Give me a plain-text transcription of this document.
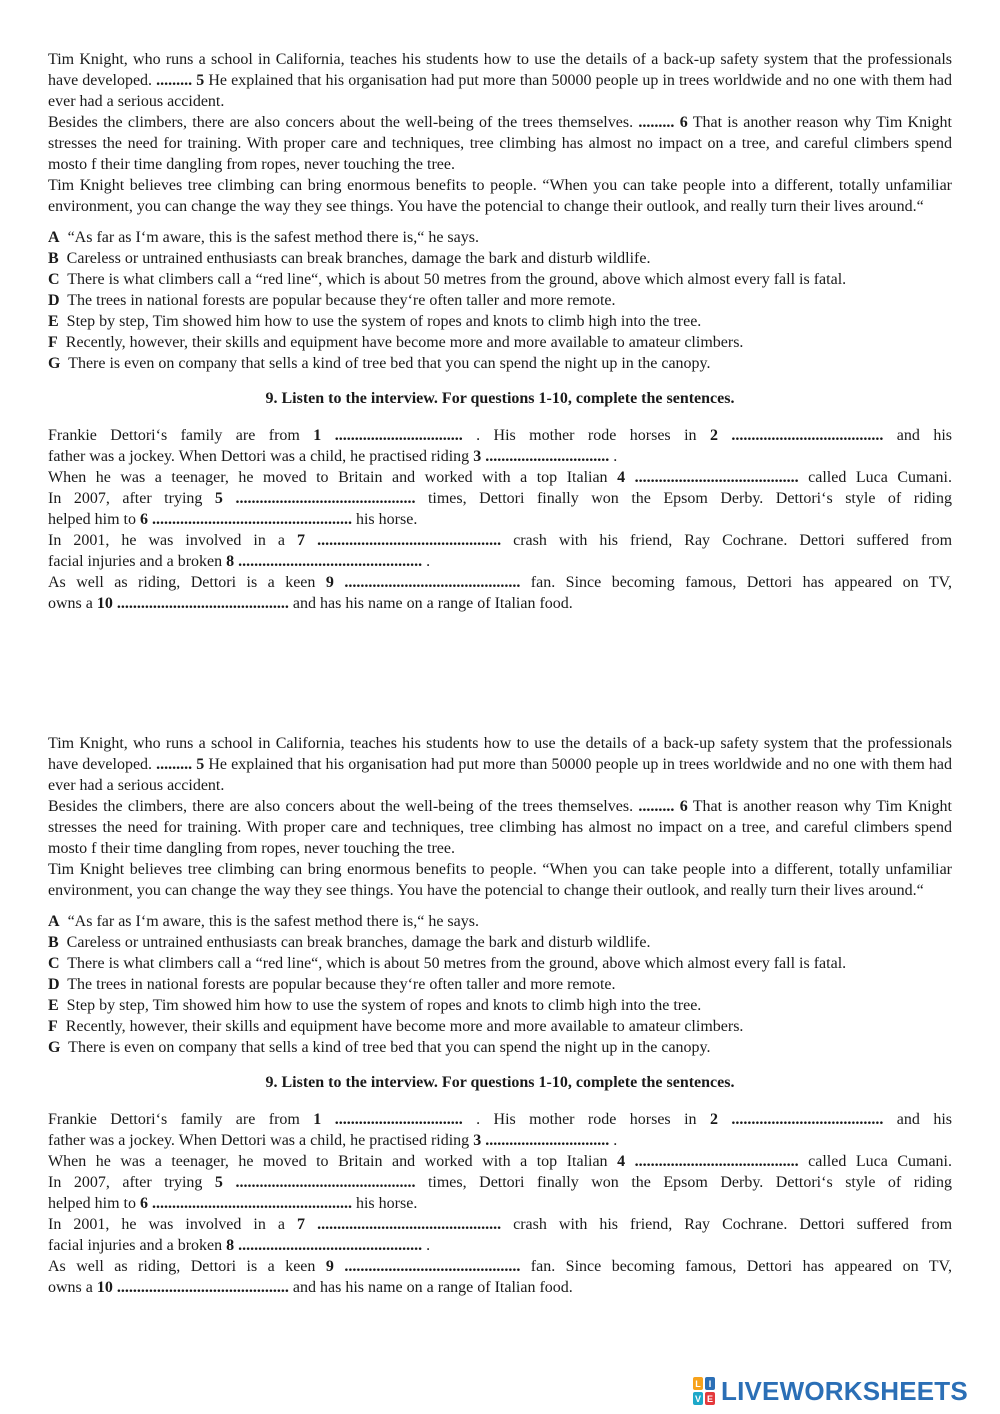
Tim Knight, who runs a school in California, teaches his students how to use the details of a back-up safety system that the professionals have developed. ......... 5 He explained that his organisation had put more than 50000 people up in trees worldwide and no one with them had ever had a serious accident.

Besides the climbers, there are also concers about the well-being of the trees themselves. ......... 6 That is another reason why Tim Knight stresses the need for training. With proper care and techniques, tree climbing has almost no impact on a tree, and careful climbers spend mosto f their time dangling from ropes, never touching the tree.

Tim Knight believes tree climbing can bring enormous benefits to people. “When you can take people into a different, totally unfamiliar environment, you can change the way they see things. You have the potencial to change their outlook, and really turn their lives around.“

A “As far as I‘m aware, this is the safest method there is,“ he says.

B Careless or untrained enthusiasts can break branches, damage the bark and disturb wildlife.

C There is what climbers call a “red line“, which is about 50 metres from the ground, above which almost every fall is fatal.

D The trees in national forests are popular because they‘re often taller and more remote.

E Step by step, Tim showed him how to use the system of ropes and knots to climb high into the tree.

F Recently, however, their skills and equipment have become more and more available to amateur climbers.

G There is even on company that sells a kind of tree bed that you can spend the night up in the canopy.

9. Listen to the interview. For questions 1-10, complete the sentences.

Frankie Dettori‘s family are from 1 ................................ . His mother rode horses in 2 ...................................... and his

father was a jockey. When Dettori was a child, he practised riding 3 ............................... .

When he was a teenager, he moved to Britain and worked with a top Italian 4 ......................................... called Luca Cumani.

In 2007, after trying 5 ............................................. times, Dettori finally won the Epsom Derby. Dettori‘s style of riding

helped him to 6 .................................................. his horse.

In 2001, he was involved in a 7 .............................................. crash with his friend, Ray Cochrane. Dettori suffered from

facial injuries and a broken 8 .............................................. .

As well as riding, Dettori is a keen 9 ............................................ fan. Since becoming famous, Dettori has appeared on TV,

owns a 10 ........................................... and has his name on a range of Italian food.

Tim Knight, who runs a school in California, teaches his students how to use the details of a back-up safety system that the professionals have developed. ......... 5 He explained that his organisation had put more than 50000 people up in trees worldwide and no one with them had ever had a serious accident.

Besides the climbers, there are also concers about the well-being of the trees themselves. ......... 6 That is another reason why Tim Knight stresses the need for training. With proper care and techniques, tree climbing has almost no impact on a tree, and careful climbers spend mosto f their time dangling from ropes, never touching the tree.

Tim Knight believes tree climbing can bring enormous benefits to people. “When you can take people into a different, totally unfamiliar environment, you can change the way they see things. You have the potencial to change their outlook, and really turn their lives around.“

A “As far as I‘m aware, this is the safest method there is,“ he says.

B Careless or untrained enthusiasts can break branches, damage the bark and disturb wildlife.

C There is what climbers call a “red line“, which is about 50 metres from the ground, above which almost every fall is fatal.

D The trees in national forests are popular because they‘re often taller and more remote.

E Step by step, Tim showed him how to use the system of ropes and knots to climb high into the tree.

F Recently, however, their skills and equipment have become more and more available to amateur climbers.

G There is even on company that sells a kind of tree bed that you can spend the night up in the canopy.

9. Listen to the interview. For questions 1-10, complete the sentences.

Frankie Dettori‘s family are from 1 ................................ . His mother rode horses in 2 ...................................... and his

father was a jockey. When Dettori was a child, he practised riding 3 ............................... .

When he was a teenager, he moved to Britain and worked with a top Italian 4 ......................................... called Luca Cumani.

In 2007, after trying 5 ............................................. times, Dettori finally won the Epsom Derby. Dettori‘s style of riding

helped him to 6 .................................................. his horse.

In 2001, he was involved in a 7 .............................................. crash with his friend, Ray Cochrane. Dettori suffered from

facial injuries and a broken 8 .............................................. .

As well as riding, Dettori is a keen 9 ............................................ fan. Since becoming famous, Dettori has appeared on TV,

owns a 10 ........................................... and has his name on a range of Italian food.

L I
V E LIVEWORKSHEETS
